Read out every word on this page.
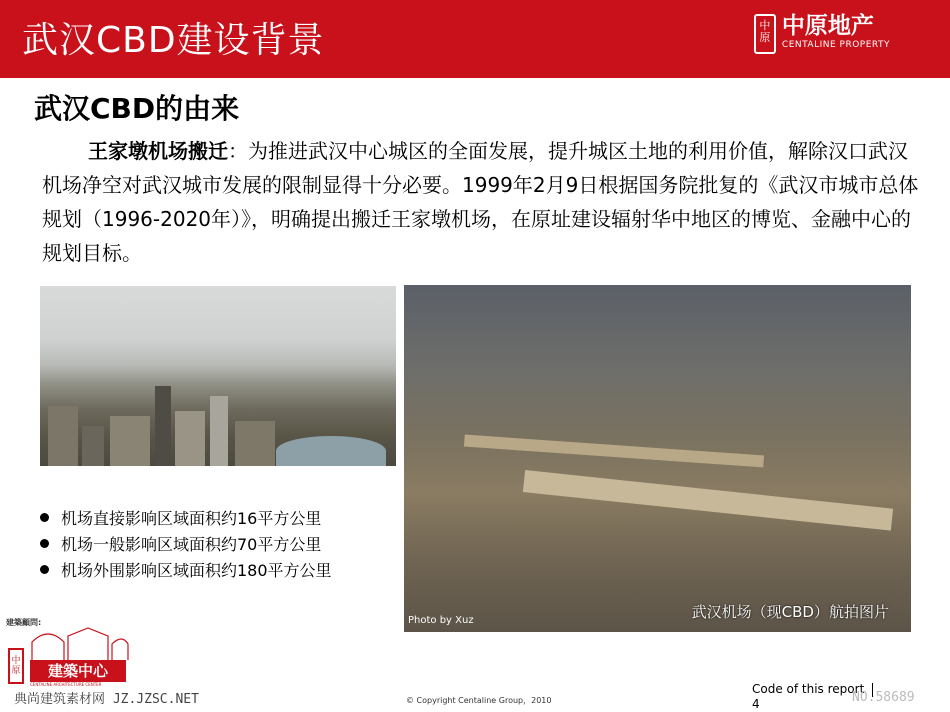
武汉CBD建设背景	中原 中原地产
CENTALINE PROPERTY
武汉CBD的由来
王家墩机场搬迁：为推进武汉中心城区的全面发展，提升城区土地的利用价值，解除汉口武汉机场净空对武汉城市发展的限制显得十分必要。1999年2月9日根据国务院批复的《武汉市城市总体规划（1996-2020年）》，明确提出搬迁王家墩机场，在原址建设辐射华中地区的博览、金融中心的规划目标。
Photo by Xuz	武汉机场（现CBD）航拍图片
机场直接影响区域面积约16平方公里
机场一般影响区域面积约70平方公里
机场外围影响区域面积约180平方公里
建築顧問:
中原	建築中心
CENTALINE ARCHITECTURE CENTER
典尚建筑素材网 JZ.JZSC.NET	© Copyright Centaline Group，2010
Code of this report
4	NO.58689
